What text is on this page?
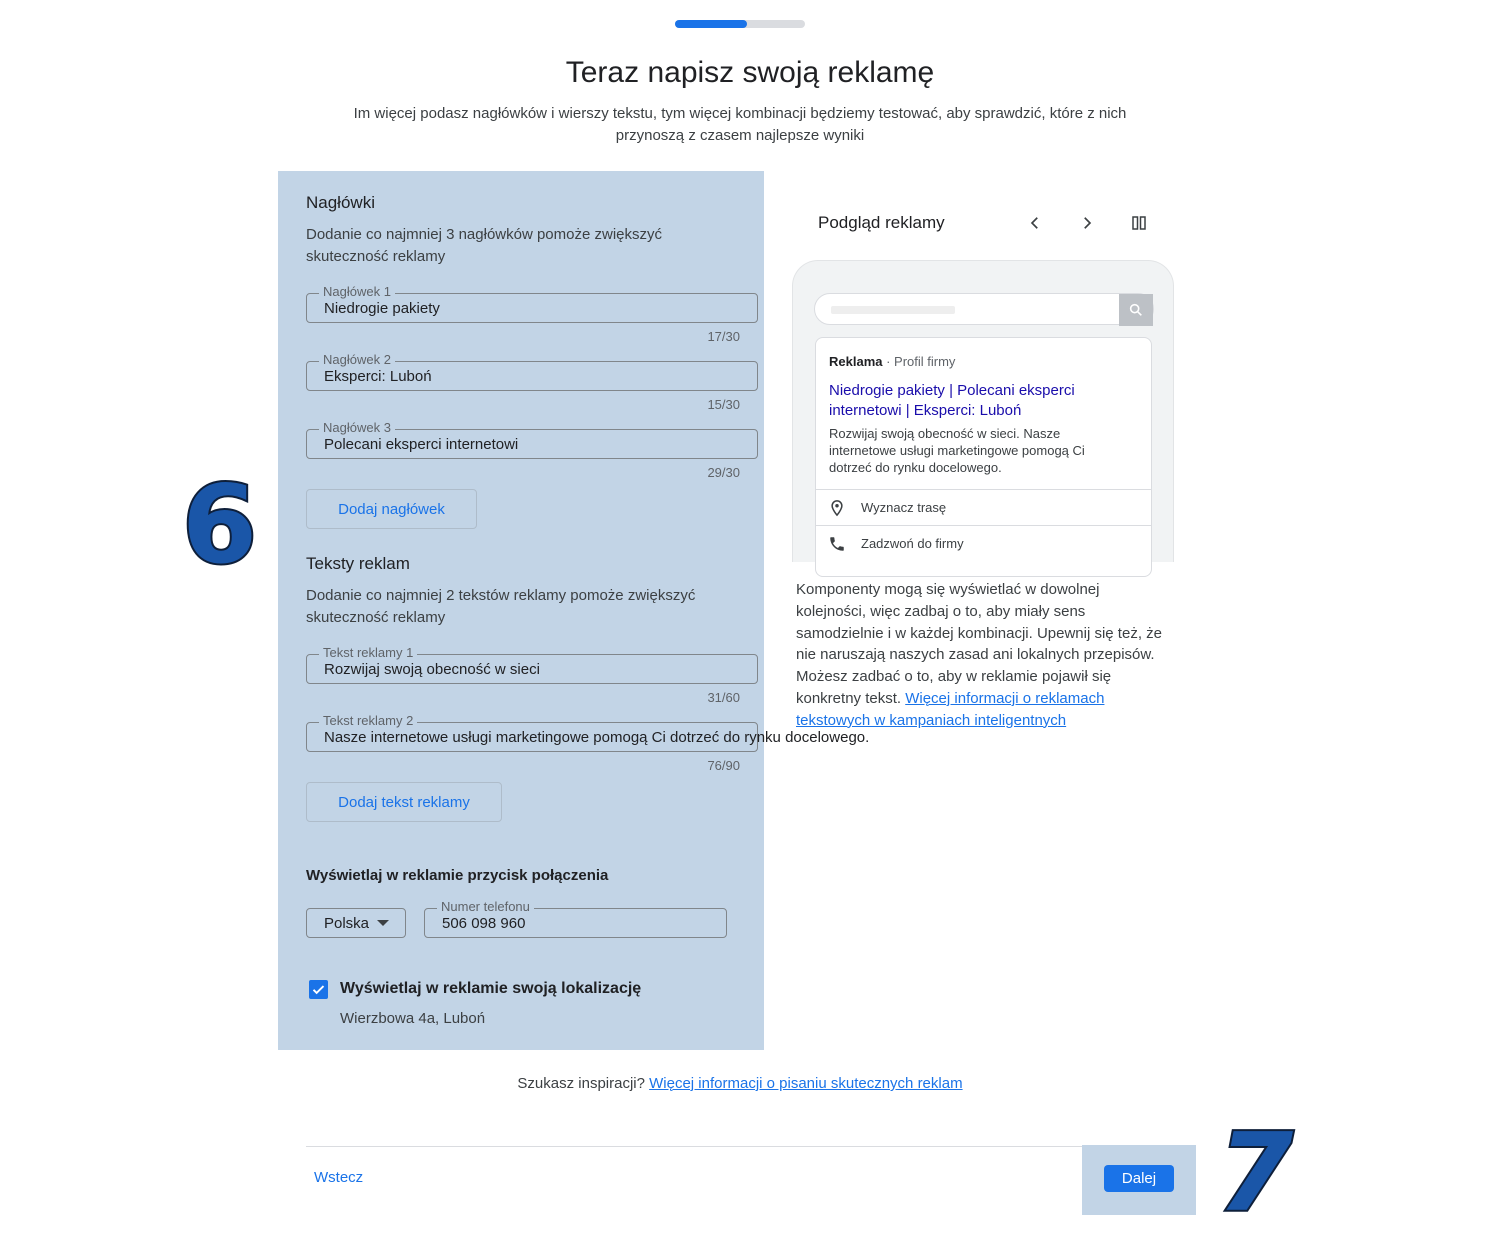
Teraz napisz swoją reklamę

Im więcej podasz nagłówków i wierszy tekstu, tym więcej kombinacji będziemy testować, aby sprawdzić, które z nich przynoszą z czasem najlepsze wyniki

6
Nagłówki
Dodanie co najmniej 3 nagłówków pomoże zwiększyć skuteczność reklamy
Nagłówek 1
Niedrogie pakiety
17/30
Nagłówek 2
Eksperci: Luboń
15/30
Nagłówek 3
Polecani eksperci internetowi
29/30
Dodaj nagłówek
Teksty reklam
Dodanie co najmniej 2 tekstów reklamy pomoże zwiększyć skuteczność reklamy
Tekst reklamy 1
Rozwijaj swoją obecność w sieci
31/60
Tekst reklamy 2
Nasze internetowe usługi marketingowe pomogą Ci dotrzeć do rynku docelowego.
76/90
Dodaj tekst reklamy
Wyświetlaj w reklamie przycisk połączenia
Polska
Numer telefonu
506 098 960
Wyświetlaj w reklamie swoją lokalizację
Wierzbowa 4a, Luboń
Podgląd reklamy
Reklama · Profil firmy
Niedrogie pakiety | Polecani eksperci internetowi | Eksperci: Luboń
Rozwijaj swoją obecność w sieci. Nasze internetowe usługi marketingowe pomogą Ci dotrzeć do rynku docelowego.
Wyznacz trasę
Zadzwoń do firmy

Komponenty mogą się wyświetlać w dowolnej kolejności, więc zadbaj o to, aby miały sens samodzielnie i w każdej kombinacji. Upewnij się też, że nie naruszają naszych zasad ani lokalnych przepisów. Możesz zadbać o to, aby w reklamie pojawił się konkretny tekst. Więcej informacji o reklamach tekstowych w kampaniach inteligentnych

Szukasz inspiracji? Więcej informacji o pisaniu skutecznych reklam

Wstecz	Dalej 7
